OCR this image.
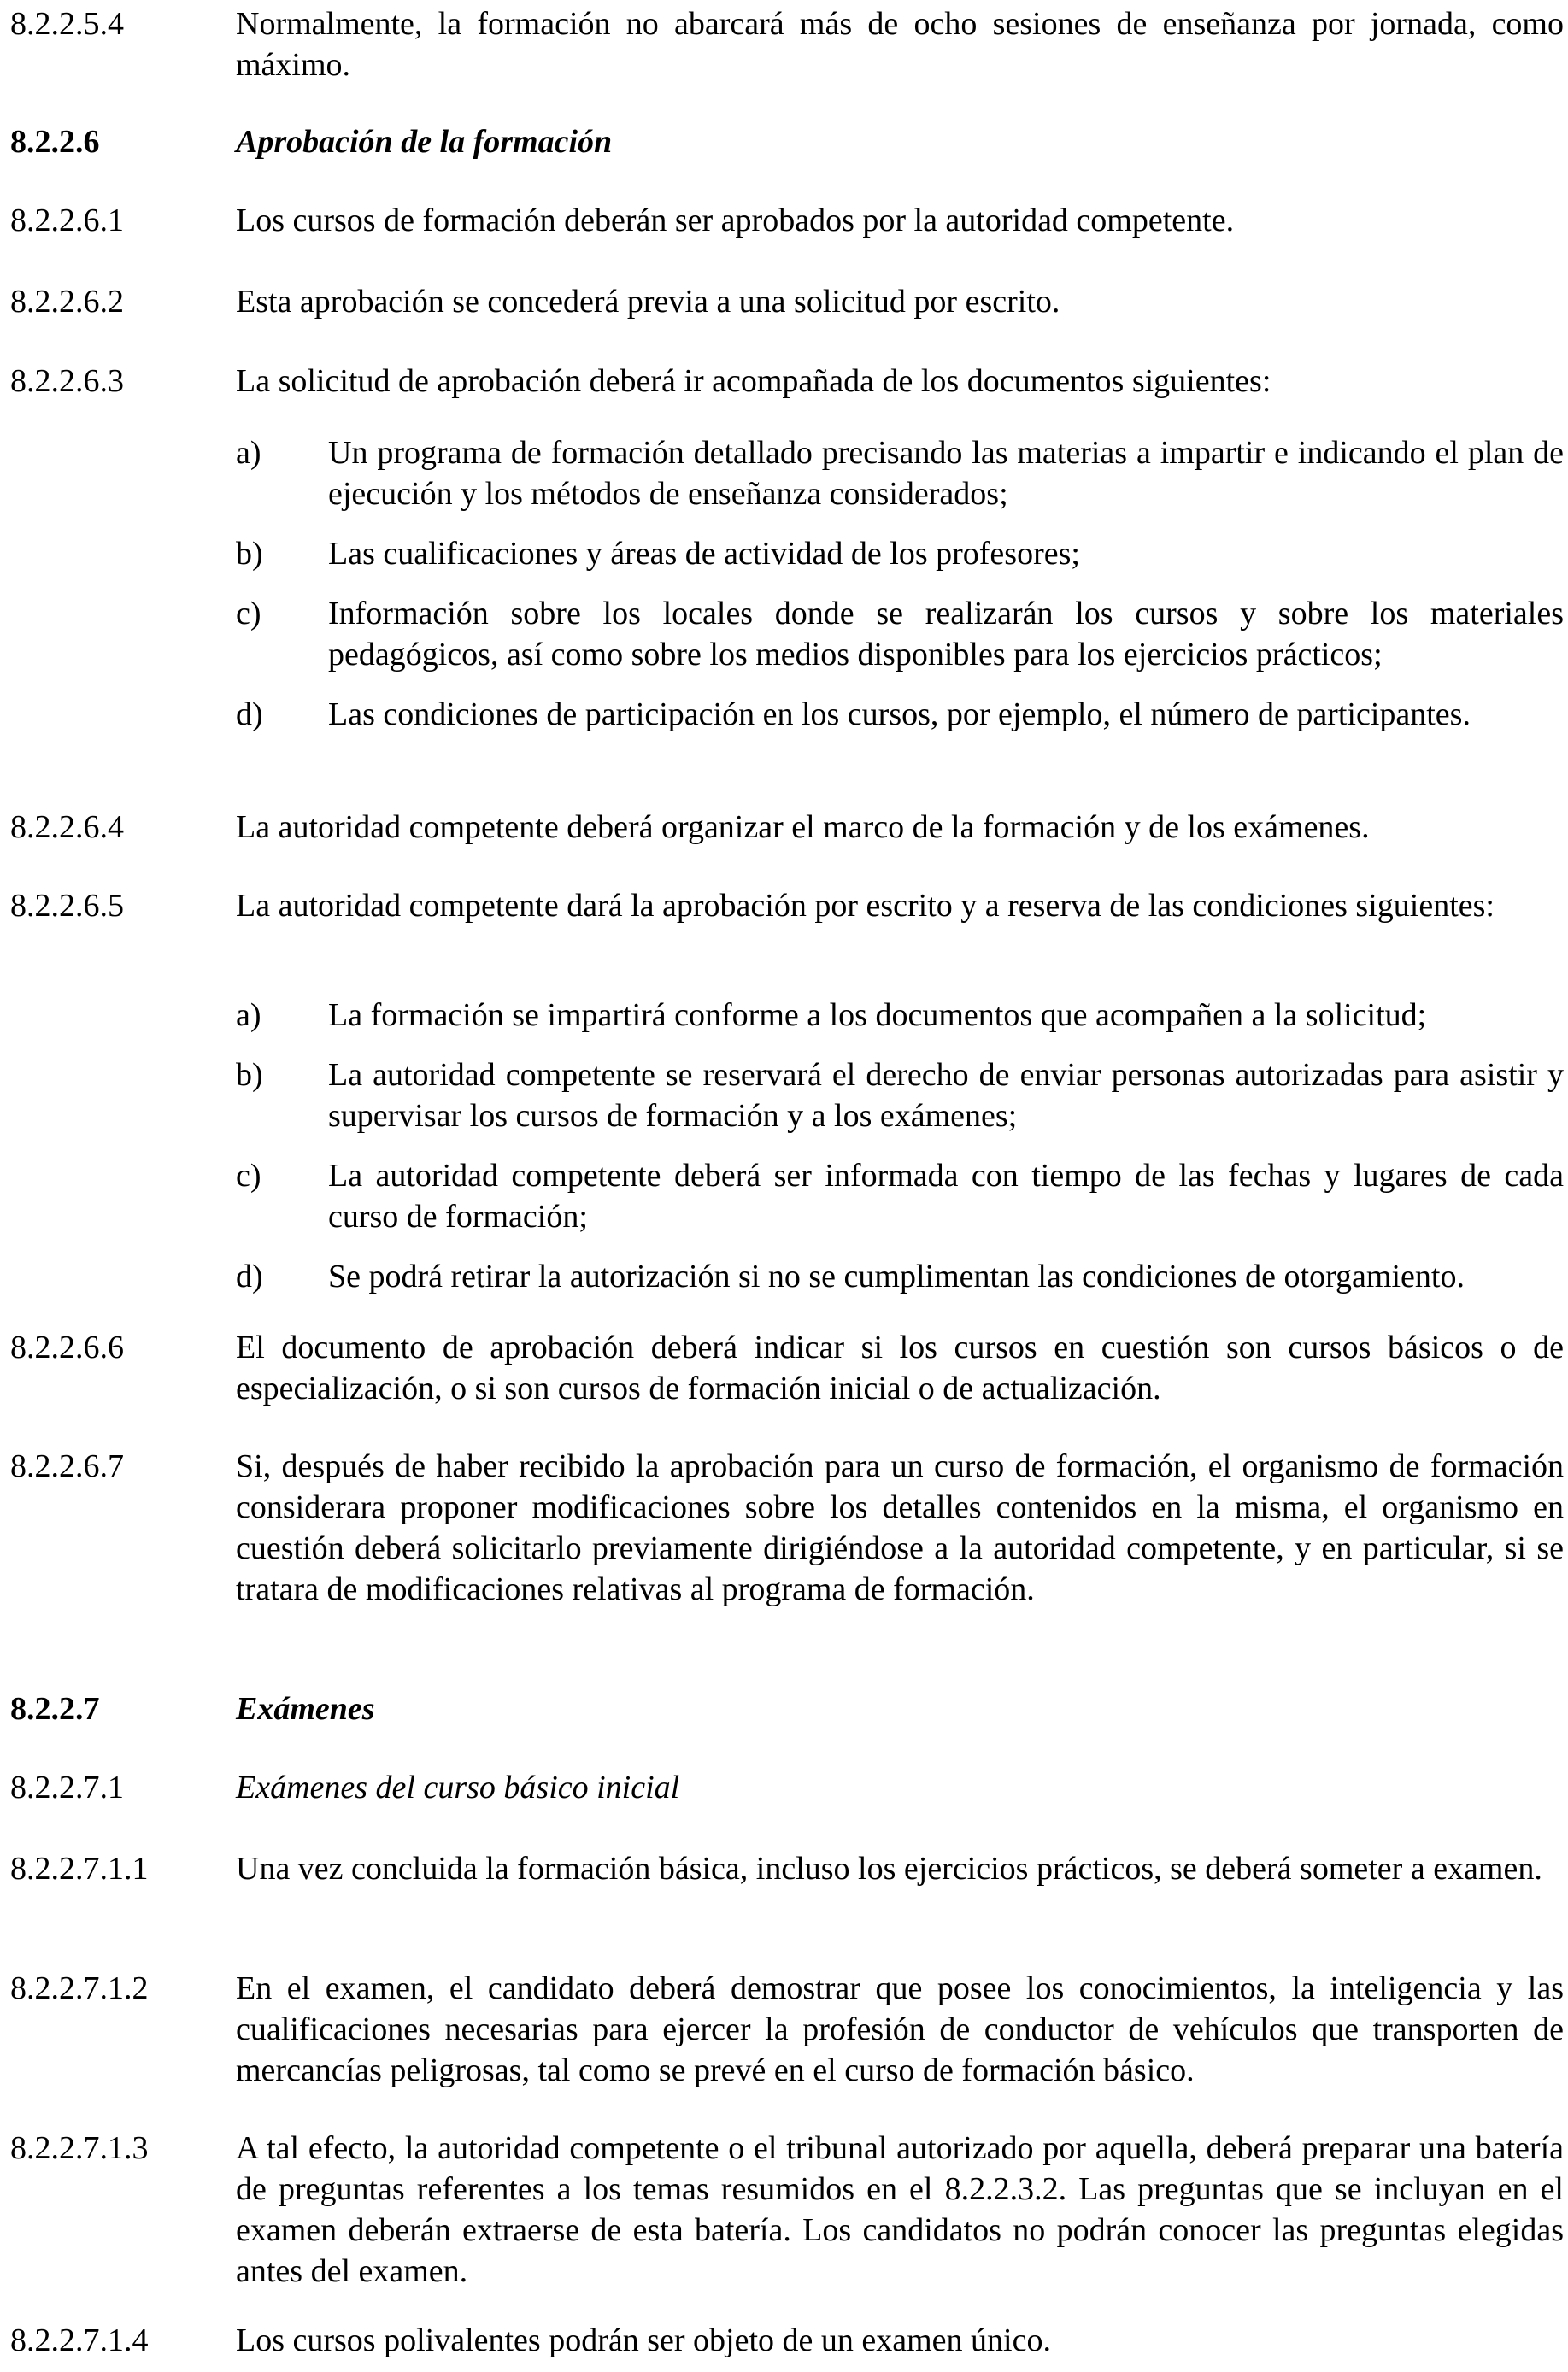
8.2.2.5.4	Normalmente, la formación no abarcará más de ocho sesiones de enseñanza por jornada, como máximo.
8.2.2.6	Aprobación de la formación
8.2.2.6.1	Los cursos de formación deberán ser aprobados por la autoridad competente.
8.2.2.6.2	Esta aprobación se concederá previa a una solicitud por escrito.
8.2.2.6.3	La solicitud de aprobación deberá ir acompañada de los documentos siguientes:
a)	Un programa de formación detallado precisando las materias a impartir e indicando el plan de ejecución y los métodos de enseñanza considerados;
b)	Las cualificaciones y áreas de actividad de los profesores;
c)	Información sobre los locales donde se realizarán los cursos y sobre los materiales pedagógicos, así como sobre los medios disponibles para los ejercicios prácticos;
d)	Las condiciones de participación en los cursos, por ejemplo, el número de participantes.
8.2.2.6.4	La autoridad competente deberá organizar el marco de la formación y de los exámenes.
8.2.2.6.5	La autoridad competente dará la aprobación por escrito y a reserva de las condiciones siguientes:
a)	La formación se impartirá conforme a los documentos que acompañen a la solicitud;
b)	La autoridad competente se reservará el derecho de enviar personas autorizadas para asistir y supervisar los cursos de formación y a los exámenes;
c)	La autoridad competente deberá ser informada con tiempo de las fechas y lugares de cada curso de formación;
d)	Se podrá retirar la autorización si no se cumplimentan las condiciones de otorgamiento.
8.2.2.6.6	El documento de aprobación deberá indicar si los cursos en cuestión son cursos básicos o de especialización, o si son cursos de formación inicial o de actualización.
8.2.2.6.7	Si, después de haber recibido la aprobación para un curso de formación, el organismo de formación considerara proponer modificaciones sobre los detalles contenidos en la misma, el organismo en cuestión deberá solicitarlo previamente dirigiéndose a la autoridad competente, y en particular, si se tratara de modificaciones relativas al programa de formación.
8.2.2.7	Exámenes
8.2.2.7.1	Exámenes del curso básico inicial
8.2.2.7.1.1	Una vez concluida la formación básica, incluso los ejercicios prácticos, se deberá someter a examen.
8.2.2.7.1.2	En el examen, el candidato deberá demostrar que posee los conocimientos, la inteligencia y las cualificaciones necesarias para ejercer la profesión de conductor de vehículos que transporten de mercancías peligrosas, tal como se prevé en el curso de formación básico.
8.2.2.7.1.3	A tal efecto, la autoridad competente o el tribunal autorizado por aquella, deberá preparar una batería de preguntas referentes a los temas resumidos en el 8.2.2.3.2. Las preguntas que se incluyan en el examen deberán extraerse de esta batería. Los candidatos no podrán conocer las preguntas elegidas antes del examen.
8.2.2.7.1.4	Los cursos polivalentes podrán ser objeto de un examen único.
